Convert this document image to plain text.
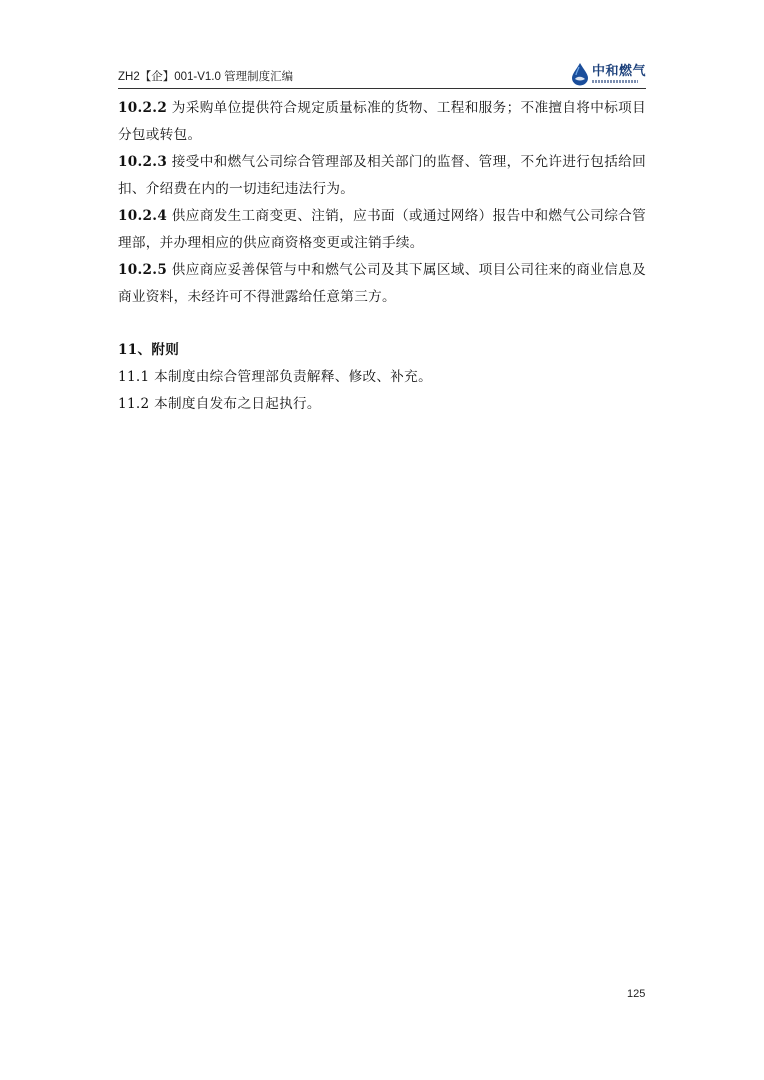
ZH2【企】001-V1.0 管理制度汇编	中和燃气

10.2.2 为采购单位提供符合规定质量标准的货物、工程和服务；不准擅自将中标项目分包或转包。

10.2.3 接受中和燃气公司综合管理部及相关部门的监督、管理，不允许进行包括给回扣、介绍费在内的一切违纪违法行为。

10.2.4 供应商发生工商变更、注销，应书面（或通过网络）报告中和燃气公司综合管理部，并办理相应的供应商资格变更或注销手续。

10.2.5 供应商应妥善保管与中和燃气公司及其下属区域、项目公司往来的商业信息及商业资料，未经许可不得泄露给任意第三方。

11、附则

11.1 本制度由综合管理部负责解释、修改、补充。

11.2 本制度自发布之日起执行。

125
